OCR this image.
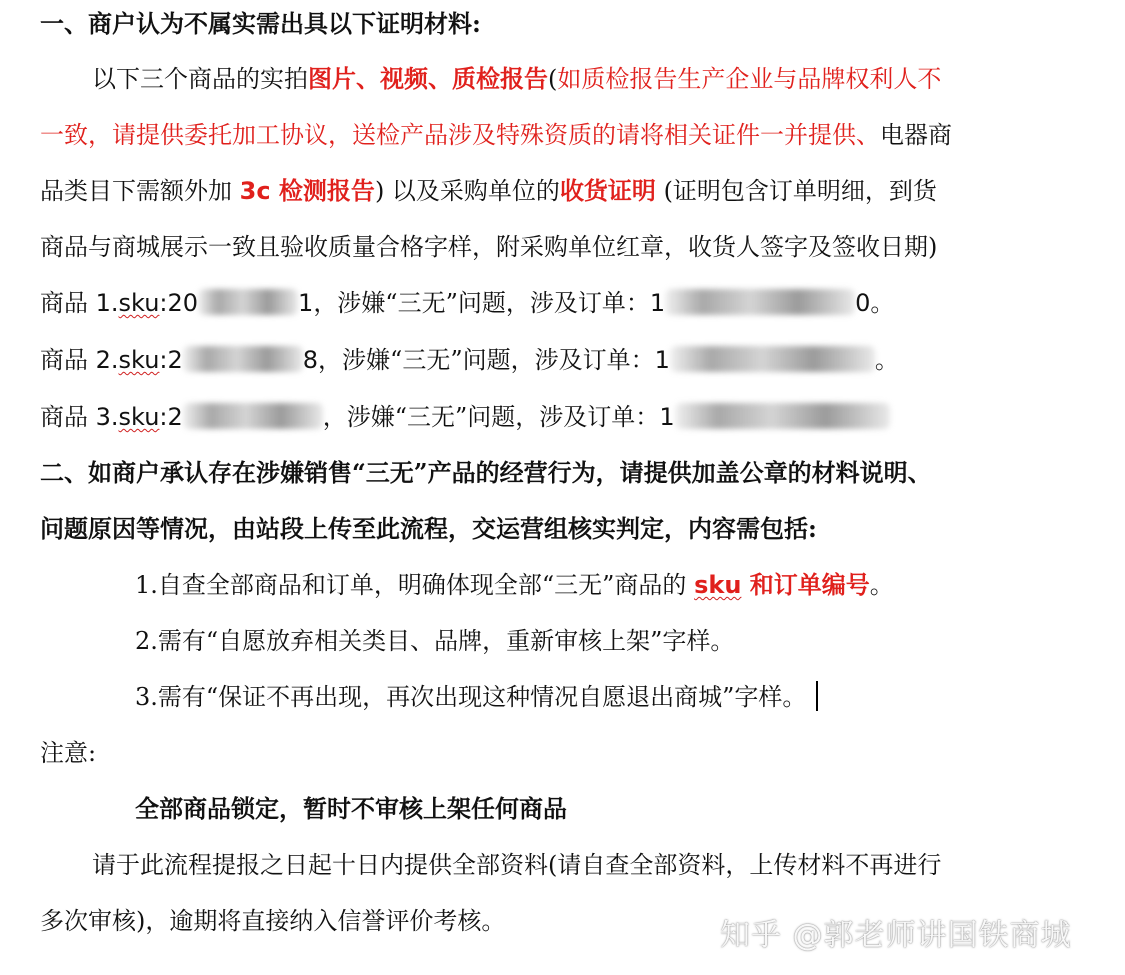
一、商户认为不属实需出具以下证明材料:
以下三个商品的实拍图片、视频、质检报告(如质检报告生产企业与品牌权利人不
一致，请提供委托加工协议，送检产品涉及特殊资质的请将相关证件一并提供、电器商
品类目下需额外加 3c 检测报告) 以及采购单位的收货证明 (证明包含订单明细，到货
商品与商城展示一致且验收质量合格字样，附采购单位红章，收货人签字及签收日期)
商品 1.sku:20	1，涉嫌“三无”问题，涉及订单：1	0。
商品 2.sku:2	8，涉嫌“三无”问题，涉及订单：1	。
商品 3.sku:2	，涉嫌“三无”问题，涉及订单：1
二、如商户承认存在涉嫌销售“三无”产品的经营行为，请提供加盖公章的材料说明、
问题原因等情况，由站段上传至此流程，交运营组核实判定，内容需包括:
1.自查全部商品和订单，明确体现全部“三无”商品的 sku 和订单编号。
2.需有“自愿放弃相关类目、品牌，重新审核上架”字样。
3.需有“保证不再出现，再次出现这种情况自愿退出商城”字样。
注意:
全部商品锁定，暂时不审核上架任何商品
请于此流程提报之日起十日内提供全部资料(请自查全部资料，上传材料不再进行
多次审核)，逾期将直接纳入信誉评价考核。	知乎 @郭老师讲国铁商城
